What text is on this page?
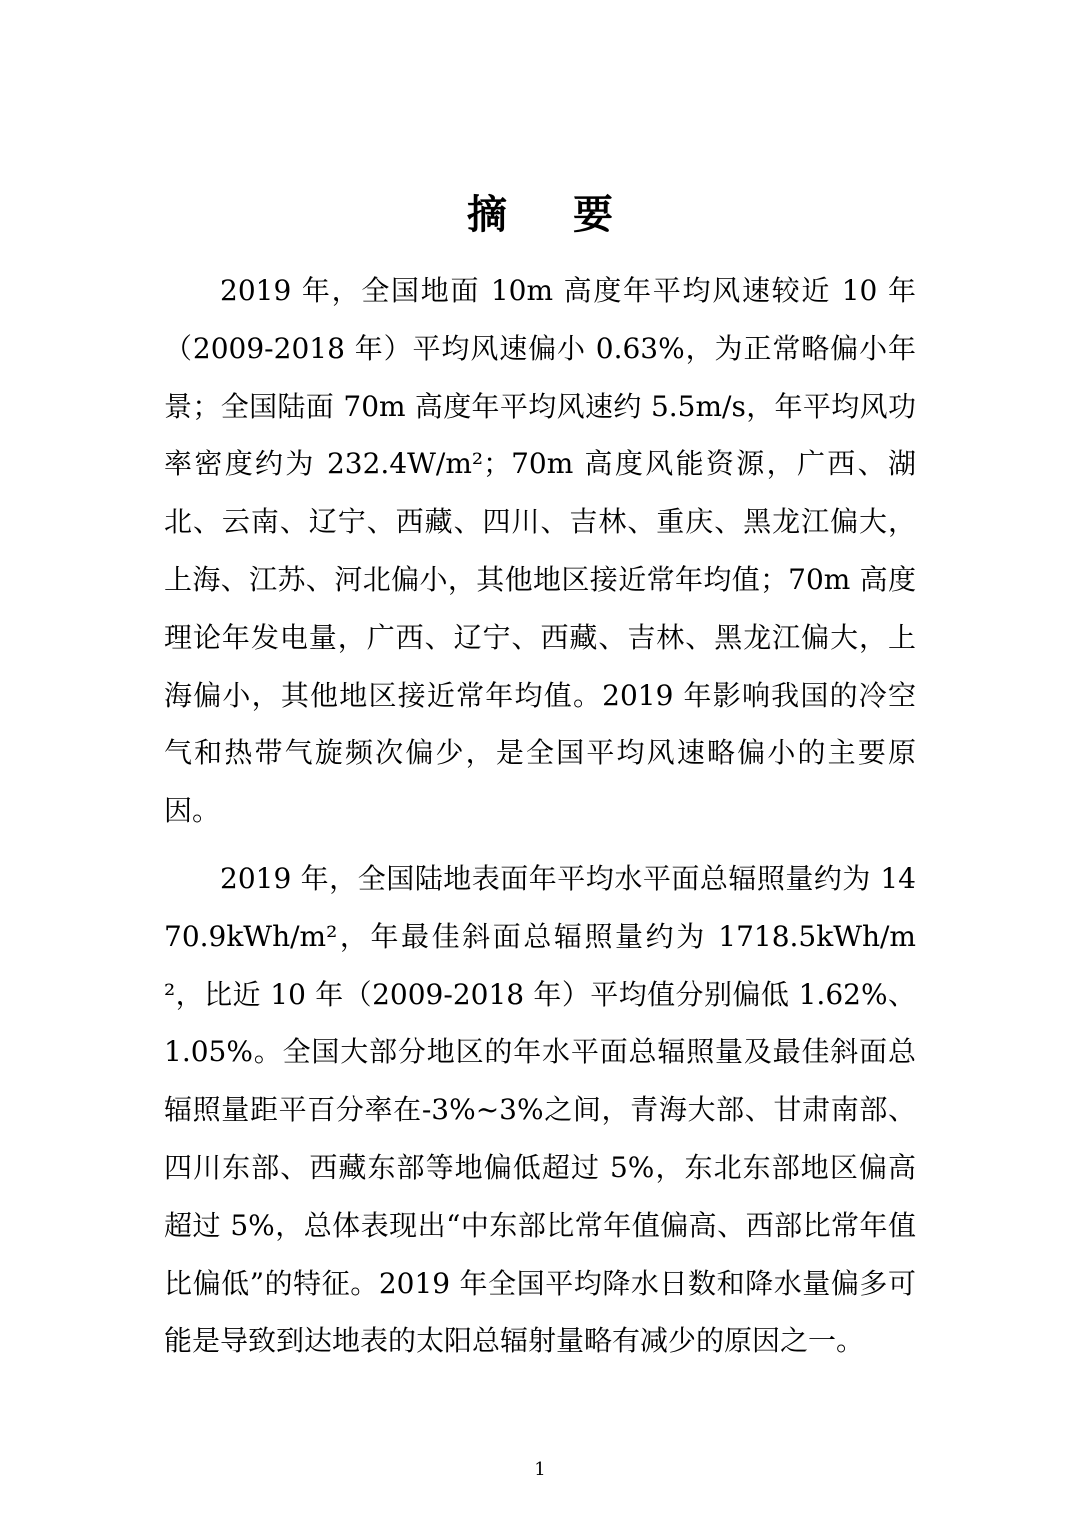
摘 要

2019 年，全国地面 10m 高度年平均风速较近 10 年（2009-2018 年）平均风速偏小 0.63%，为正常略偏小年景；全国陆面 70m 高度年平均风速约 5.5m/s，年平均风功率密度约为 232.4W/m²；70m 高度风能资源，广西、湖北、云南、辽宁、西藏、四川、吉林、重庆、黑龙江偏大，上海、江苏、河北偏小，其他地区接近常年均值；70m 高度理论年发电量，广西、辽宁、西藏、吉林、黑龙江偏大，上海偏小，其他地区接近常年均值。2019 年影响我国的冷空气和热带气旋频次偏少，是全国平均风速略偏小的主要原因。

2019 年，全国陆地表面年平均水平面总辐照量约为 1470.9kWh/m²，年最佳斜面总辐照量约为 1718.5kWh/m²，比近 10 年（2009-2018 年）平均值分别偏低 1.62%、1.05%。全国大部分地区的年水平面总辐照量及最佳斜面总辐照量距平百分率在-3%~3%之间，青海大部、甘肃南部、四川东部、西藏东部等地偏低超过 5%，东北东部地区偏高超过 5%，总体表现出“中东部比常年值偏高、西部比常年值比偏低”的特征。2019 年全国平均降水日数和降水量偏多可能是导致到达地表的太阳总辐射量略有减少的原因之一。

1
